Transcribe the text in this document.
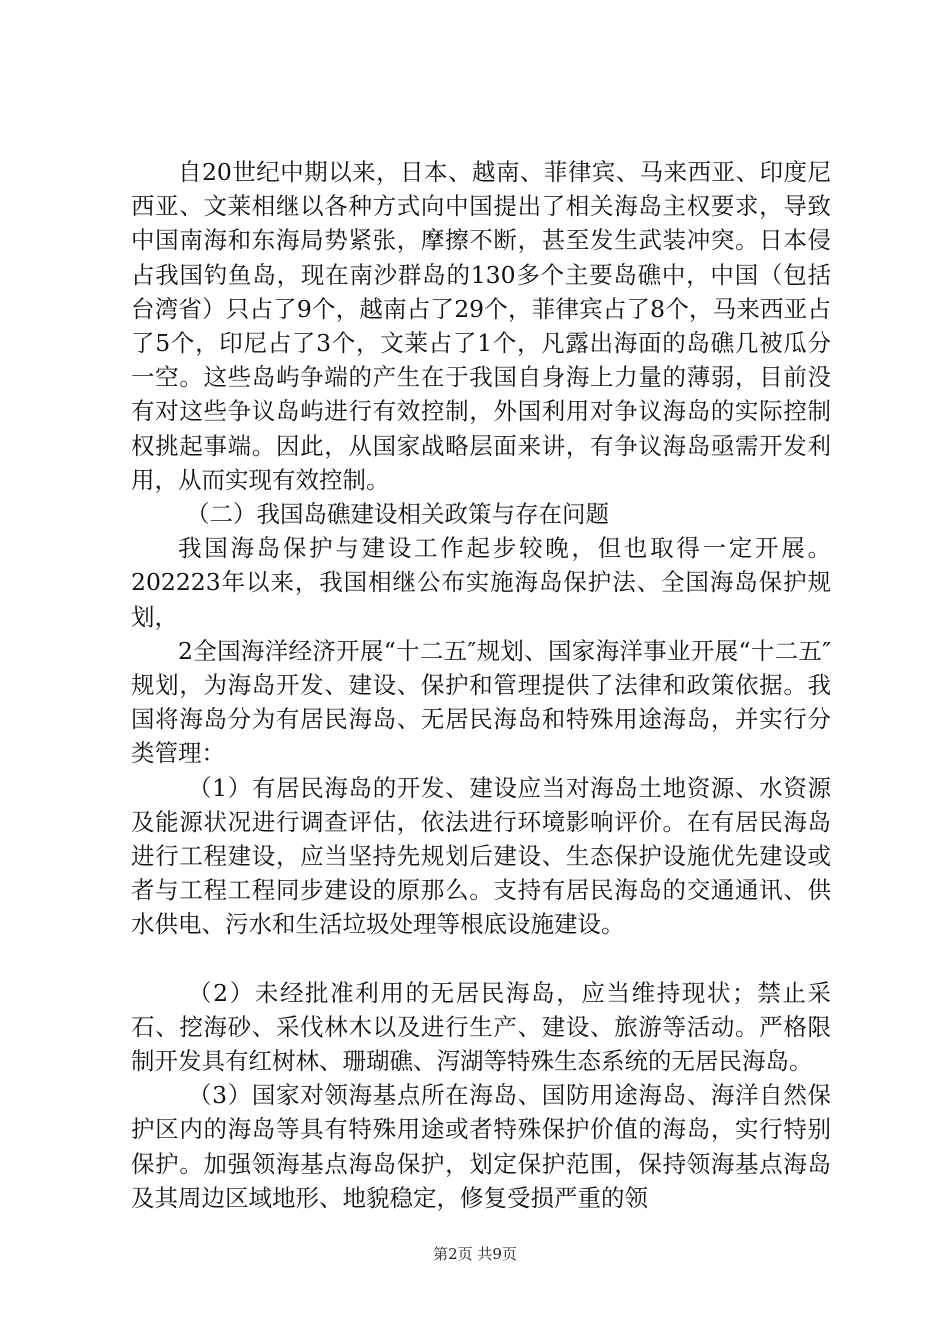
自20世纪中期以来，日本、越南、菲律宾、马来西亚、印度尼西亚、文莱相继以各种方式向中国提出了相关海岛主权要求，导致中国南海和东海局势紧张，摩擦不断，甚至发生武装冲突。日本侵占我国钓鱼岛，现在南沙群岛的130多个主要岛礁中，中国（包括台湾省）只占了9个，越南占了29个，菲律宾占了8个，马来西亚占了5个，印尼占了3个，文莱占了1个，凡露出海面的岛礁几被瓜分一空。这些岛屿争端的产生在于我国自身海上力量的薄弱，目前没有对这些争议岛屿进行有效控制，外国利用对争议海岛的实际控制权挑起事端。因此，从国家战略层面来讲，有争议海岛亟需开发利用，从而实现有效控制。

（二）我国岛礁建设相关政策与存在问题

我国海岛保护与建设工作起步较晚，但也取得一定开展。202223年以来，我国相继公布实施海岛保护法、全国海岛保护规划，

2全国海洋经济开展“十二五″规划、国家海洋事业开展“十二五″规划，为海岛开发、建设、保护和管理提供了法律和政策依据。我国将海岛分为有居民海岛、无居民海岛和特殊用途海岛，并实行分类管理：

（1）有居民海岛的开发、建设应当对海岛土地资源、水资源及能源状况进行调查评估，依法进行环境影响评价。在有居民海岛进行工程建设，应当坚持先规划后建设、生态保护设施优先建设或者与工程工程同步建设的原那么。支持有居民海岛的交通通讯、供水供电、污水和生活垃圾处理等根底设施建设。

（2）未经批准利用的无居民海岛，应当维持现状；禁止采石、挖海砂、采伐林木以及进行生产、建设、旅游等活动。严格限制开发具有红树林、珊瑚礁、泻湖等特殊生态系统的无居民海岛。

（3）国家对领海基点所在海岛、国防用途海岛、海洋自然保护区内的海岛等具有特殊用途或者特殊保护价值的海岛，实行特别保护。加强领海基点海岛保护，划定保护范围，保持领海基点海岛及其周边区域地形、地貌稳定，修复受损严重的领

第2页 共9页
